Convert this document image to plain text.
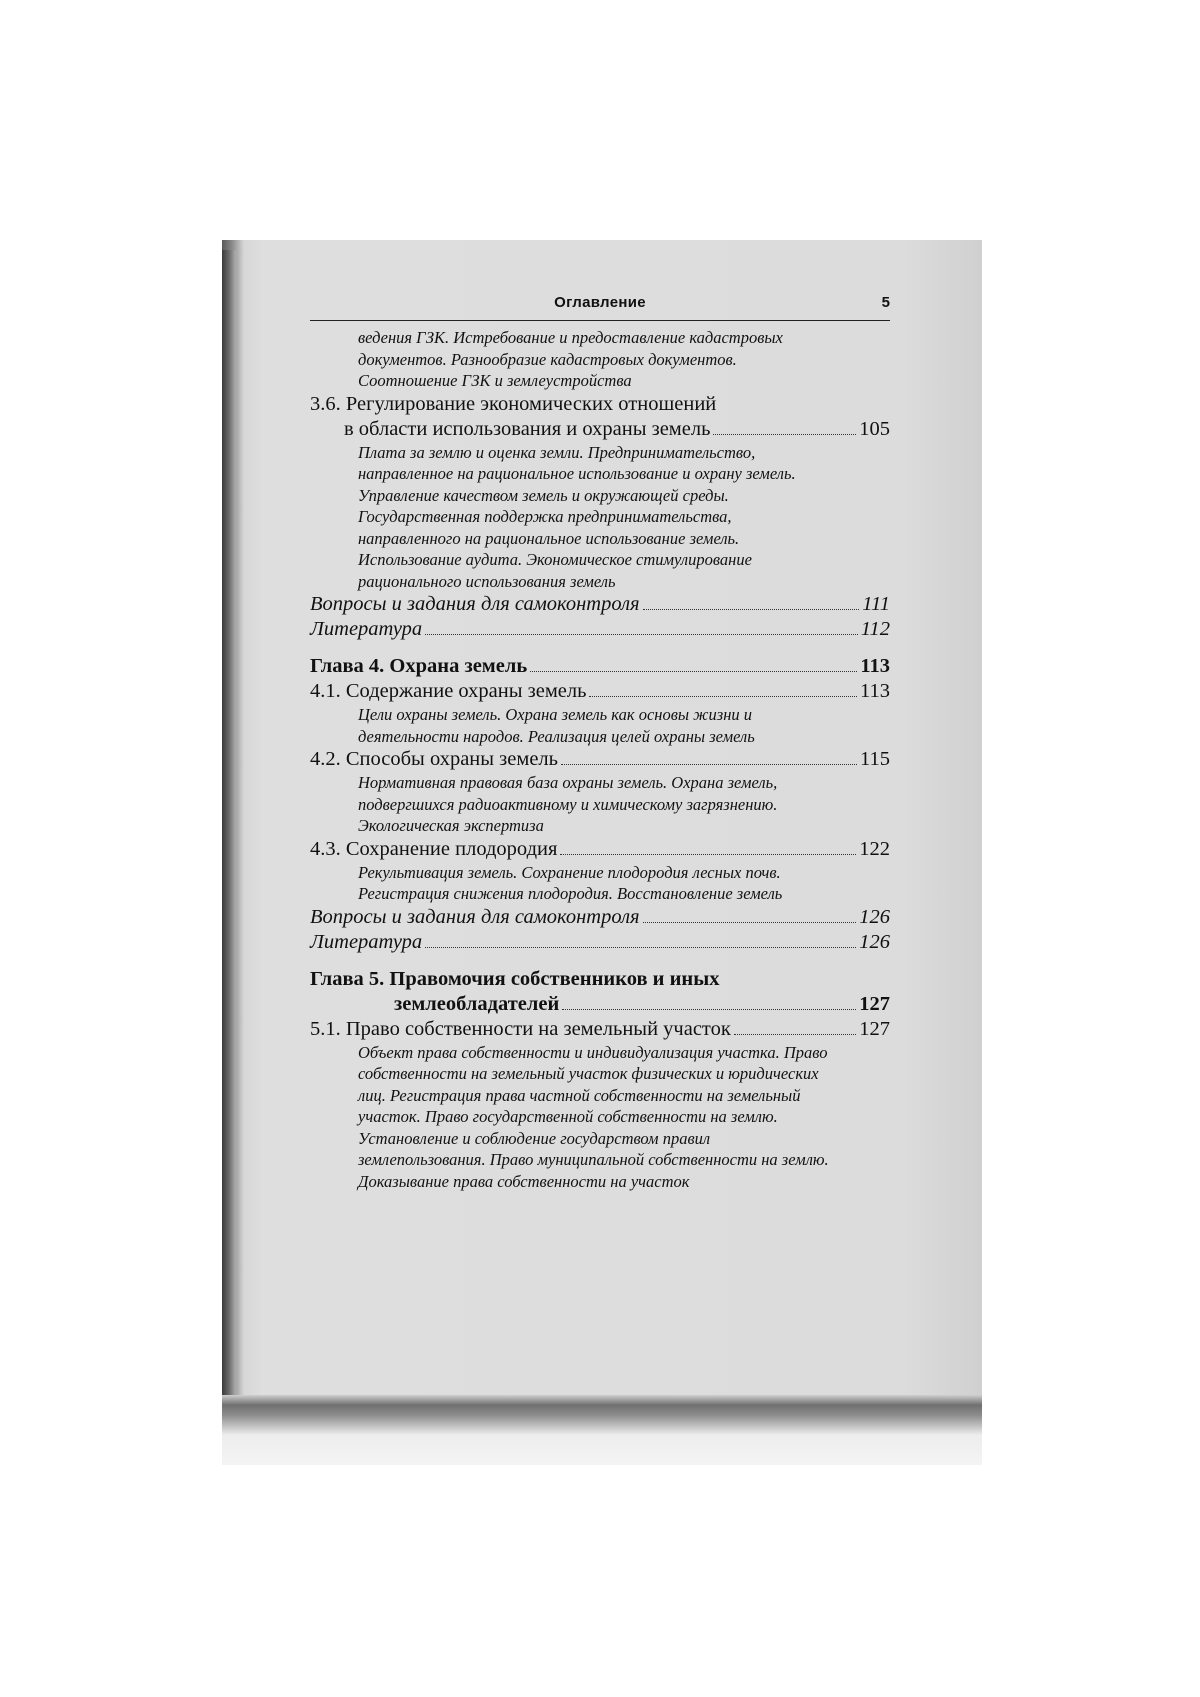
Оглавление	5
ведения ГЗК. Истребование и предоставление кадастровых документов. Разнообразие кадастровых документов. Соотношение ГЗК и землеустройства
3.6. Регулирование экономических отношений
в области использования и охраны земель	105
Плата за землю и оценка земли. Предпринимательство, направленное на рациональное использование и охрану земель. Управление качеством земель и окружающей среды. Государственная поддержка предпринимательства, направленного на рациональное использование земель. Использование аудита. Экономическое стимулирование рационального использования земель
Вопросы и задания для самоконтроля	111
Литература	112
Глава 4. Охрана земель	113
4.1. Содержание охраны земель	113
Цели охраны земель. Охрана земель как основы жизни и деятельности народов. Реализация целей охраны земель
4.2. Способы охраны земель	115
Нормативная правовая база охраны земель. Охрана земель, подвергшихся радиоактивному и химическому загрязнению. Экологическая экспертиза
4.3. Сохранение плодородия	122
Рекультивация земель. Сохранение плодородия лесных почв. Регистрация снижения плодородия. Восстановление земель
Вопросы и задания для самоконтроля	126
Литература	126
Глава 5. Правомочия собственников и иных
землеобладателей	127
5.1. Право собственности на земельный участок	127
Объект права собственности и индивидуализация участка. Право собственности на земельный участок физических и юридических лиц. Регистрация права частной собственности на земельный участок. Право государственной собственности на землю. Установление и соблюдение государством правил землепользования. Право муниципальной собственности на землю. Доказывание права собственности на участок
